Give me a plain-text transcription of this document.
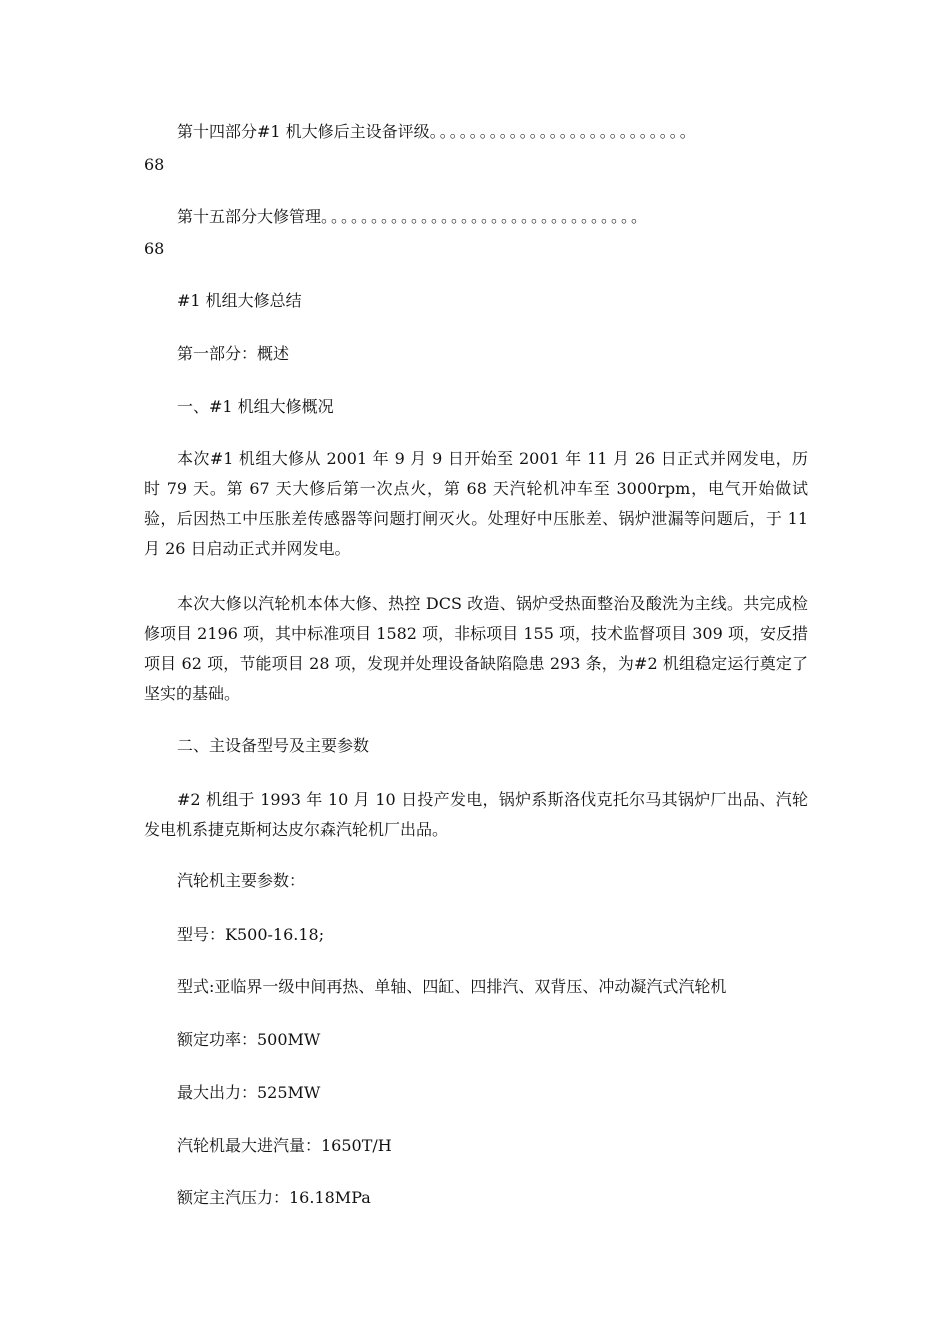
第十四部分#1 机大修后主设备评级。。。。。。。。。。。。。。。。。。。。。。。。。。

68

第十五部分大修管理。。。。。。。。。。。。。。。。。。。。。。。。。。。。。。。。

68

#1 机组大修总结

第一部分：概述

一、#1 机组大修概况

本次#1 机组大修从 2001 年 9 月 9 日开始至 2001 年 11 月 26 日正式并网发电，历时 79 天。第 67 天大修后第一次点火，第 68 天汽轮机冲车至 3000rpm，电气开始做试验，后因热工中压胀差传感器等问题打闸灭火。处理好中压胀差、锅炉泄漏等问题后，于 11 月 26 日启动正式并网发电。

本次大修以汽轮机本体大修、热控 DCS 改造、锅炉受热面整治及酸洗为主线。共完成检修项目 2196 项，其中标准项目 1582 项，非标项目 155 项，技术监督项目 309 项，安反措项目 62 项，节能项目 28 项，发现并处理设备缺陷隐患 293 条，为#2 机组稳定运行奠定了坚实的基础。

二、主设备型号及主要参数

#2 机组于 1993 年 10 月 10 日投产发电，锅炉系斯洛伐克托尔马其锅炉厂出品、汽轮发电机系捷克斯柯达皮尔森汽轮机厂出品。

汽轮机主要参数：

型号：K500-16.18;

型式:亚临界一级中间再热、单轴、四缸、四排汽、双背压、冲动凝汽式汽轮机

额定功率：500MW

最大出力：525MW

汽轮机最大进汽量：1650T/H

额定主汽压力：16.18MPa
